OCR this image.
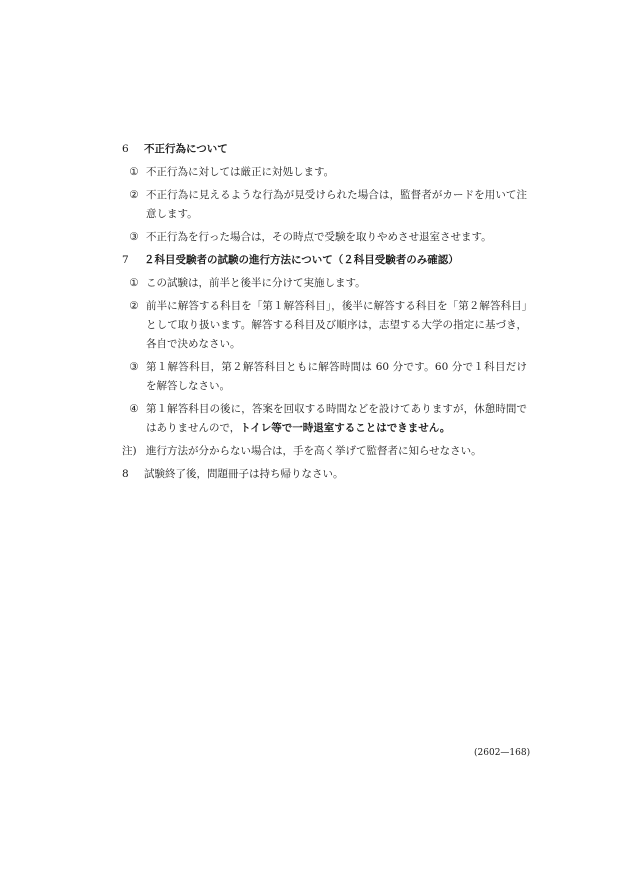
6	不正行為について
① 不正行為に対しては厳正に対処します。
② 不正行為に見えるような行為が見受けられた場合は，監督者がカードを用いて注意します。
③ 不正行為を行った場合は，その時点で受験を取りやめさせ退室させます。
7	２科目受験者の試験の進行方法について（２科目受験者のみ確認）
① この試験は，前半と後半に分けて実施します。
② 前半に解答する科目を「第１解答科目」，後半に解答する科目を「第２解答科目」として取り扱います。解答する科目及び順序は，志望する大学の指定に基づき，各自で決めなさい。
③ 第１解答科目，第２解答科目ともに解答時間は 60 分です。60 分で１科目だけを解答しなさい。
④ 第１解答科目の後に，答案を回収する時間などを設けてありますが，休憩時間ではありませんので，トイレ等で一時退室することはできません。
注) 進行方法が分からない場合は，手を高く挙げて監督者に知らせなさい。
8	試験終了後，問題冊子は持ち帰りなさい。
(2602—168)
